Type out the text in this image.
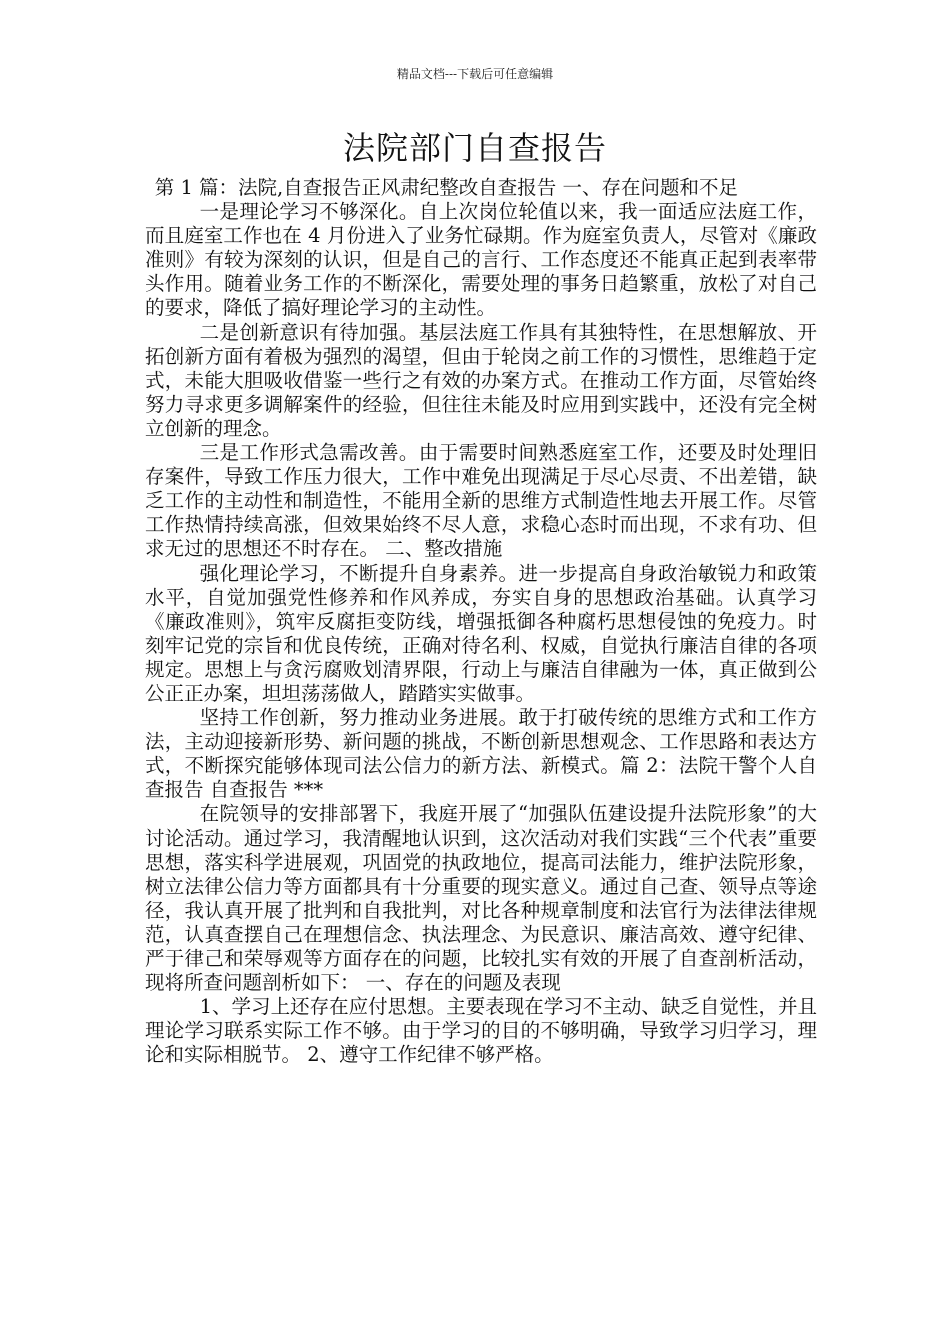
精品文档---下载后可任意编辑
法院部门自查报告

第 1 篇：法院,自查报告正风肃纪整改自查报告 一、存在问题和不足

一是理论学习不够深化。自上次岗位轮值以来，我一面适应法庭工作，而且庭室工作也在 4 月份进入了业务忙碌期。作为庭室负责人，尽管对《廉政准则》有较为深刻的认识，但是自己的言行、工作态度还不能真正起到表率带头作用。随着业务工作的不断深化，需要处理的事务日趋繁重，放松了对自己的要求，降低了搞好理论学习的主动性。

二是创新意识有待加强。基层法庭工作具有其独特性，在思想解放、开拓创新方面有着极为强烈的渴望，但由于轮岗之前工作的习惯性，思维趋于定式，未能大胆吸收借鉴一些行之有效的办案方式。在推动工作方面，尽管始终努力寻求更多调解案件的经验，但往往未能及时应用到实践中，还没有完全树立创新的理念。

三是工作形式急需改善。由于需要时间熟悉庭室工作，还要及时处理旧存案件，导致工作压力很大，工作中难免出现满足于尽心尽责、不出差错，缺乏工作的主动性和制造性，不能用全新的思维方式制造性地去开展工作。尽管工作热情持续高涨，但效果始终不尽人意，求稳心态时而出现，不求有功、但求无过的思想还不时存在。 二、整改措施

强化理论学习，不断提升自身素养。进一步提高自身政治敏锐力和政策水平，自觉加强党性修养和作风养成，夯实自身的思想政治基础。认真学习《廉政准则》，筑牢反腐拒变防线，增强抵御各种腐朽思想侵蚀的免疫力。时刻牢记党的宗旨和优良传统，正确对待名利、权威，自觉执行廉洁自律的各项规定。思想上与贪污腐败划清界限，行动上与廉洁自律融为一体，真正做到公公正正办案，坦坦荡荡做人，踏踏实实做事。

坚持工作创新，努力推动业务进展。敢于打破传统的思维方式和工作方法，主动迎接新形势、新问题的挑战，不断创新思想观念、工作思路和表达方式，不断探究能够体现司法公信力的新方法、新模式。篇 2：法院干警个人自查报告 自查报告 ***

在院领导的安排部署下，我庭开展了“加强队伍建设提升法院形象”的大讨论活动。通过学习，我清醒地认识到，这次活动对我们实践“三个代表”重要思想，落实科学进展观，巩固党的执政地位，提高司法能力，维护法院形象，树立法律公信力等方面都具有十分重要的现实意义。通过自己查、领导点等途径，我认真开展了批判和自我批判，对比各种规章制度和法官行为法律法律规范，认真查摆自己在理想信念、执法理念、为民意识、廉洁高效、遵守纪律、严于律己和荣辱观等方面存在的问题，比较扎实有效的开展了自查剖析活动，现将所查问题剖析如下： 一、存在的问题及表现

1、学习上还存在应付思想。主要表现在学习不主动、缺乏自觉性，并且理论学习联系实际工作不够。由于学习的目的不够明确，导致学习归学习，理论和实际相脱节。 2、遵守工作纪律不够严格。
